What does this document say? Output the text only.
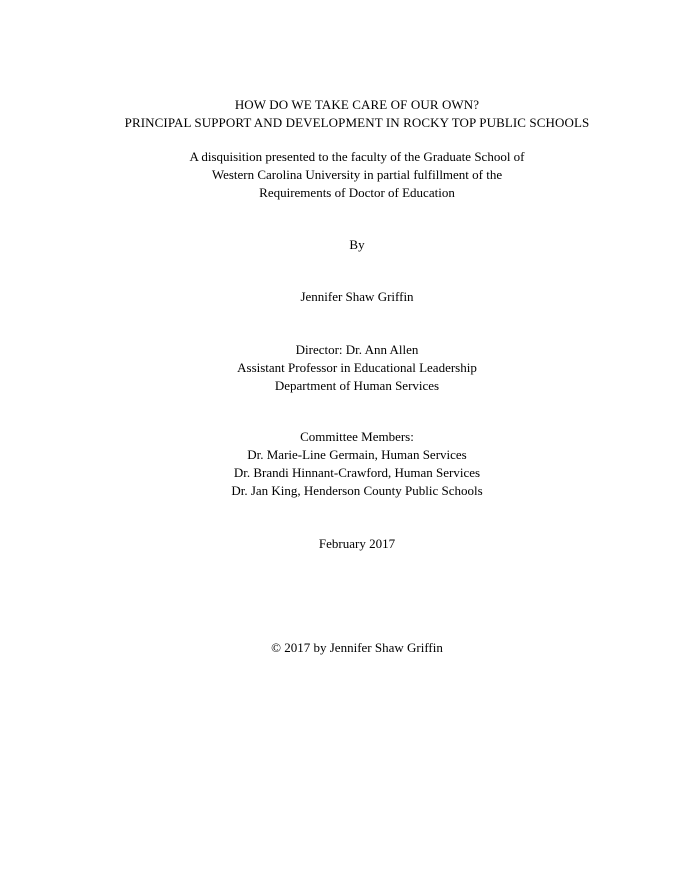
HOW DO WE TAKE CARE OF OUR OWN?
PRINCIPAL SUPPORT AND DEVELOPMENT IN ROCKY TOP PUBLIC SCHOOLS
A disquisition presented to the faculty of the Graduate School of
Western Carolina University in partial fulfillment of the
Requirements of Doctor of Education
By
Jennifer Shaw Griffin
Director: Dr. Ann Allen
Assistant Professor in Educational Leadership
Department of Human Services
Committee Members:
Dr. Marie-Line Germain, Human Services
Dr. Brandi Hinnant-Crawford, Human Services
Dr. Jan King, Henderson County Public Schools
February 2017
© 2017 by Jennifer Shaw Griffin
